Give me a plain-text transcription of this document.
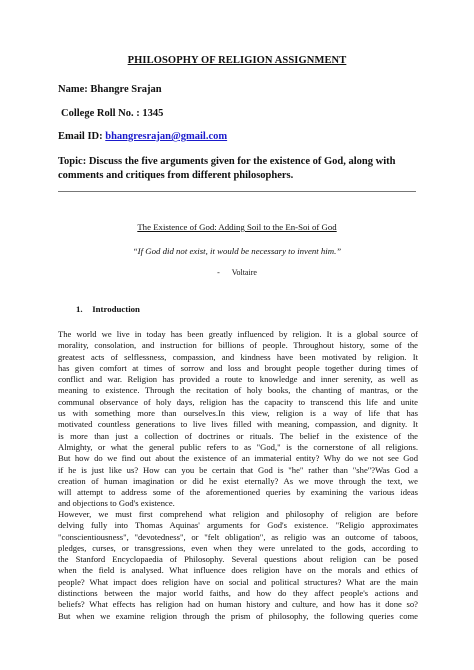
PHILOSOPHY OF RELIGION ASSIGNMENT
Name: Bhangre Srajan
College Roll No. : 1345
Email ID: bhangresrajan@gmail.com
Topic: Discuss the five arguments given for the existence of God, along with comments and critiques from different philosophers.
The Existence of God: Adding Soil to the En-Soi of God
“If God did not exist, it would be necessary to invent him.”
- Voltaire
1. Introduction
The world we live in today has been greatly influenced by religion. It is a global source of
morality, consolation, and instruction for billions of people. Throughout history, some of the
greatest acts of selflessness, compassion, and kindness have been motivated by religion. It
has given comfort at times of sorrow and loss and brought people together during times of
conflict and war. Religion has provided a route to knowledge and inner serenity, as well as
meaning to existence. Through the recitation of holy books, the chanting of mantras, or the
communal observance of holy days, religion has the capacity to transcend this life and unite
us with something more than ourselves.In this view, religion is a way of life that has
motivated countless generations to live lives filled with meaning, compassion, and dignity. It
is more than just a collection of doctrines or rituals. The belief in the existence of the
Almighty, or what the general public refers to as "God," is the cornerstone of all religions.
But how do we find out about the existence of an immaterial entity? Why do we not see God
if he is just like us? How can you be certain that God is "he" rather than "she"?Was God a
creation of human imagination or did he exist eternally? As we move through the text, we
will attempt to address some of the aforementioned queries by examining the various ideas
and objections to God's existence.
However, we must first comprehend what religion and philosophy of religion are before
delving fully into Thomas Aquinas' arguments for God's existence. "Religio approximates
"conscientiousness", "devotedness", or "felt obligation", as religio was an outcome of taboos,
pledges, curses, or transgressions, even when they were unrelated to the gods, according to
the Stanford Encyclopaedia of Philosophy. Several questions about religion can be posed
when the field is analysed. What influence does religion have on the morals and ethics of
people? What impact does religion have on social and political structures? What are the main
distinctions between the major world faiths, and how do they affect people's actions and
beliefs? What effects has religion had on human history and culture, and how has it done so?
But when we examine religion through the prism of philosophy, the following queries come
